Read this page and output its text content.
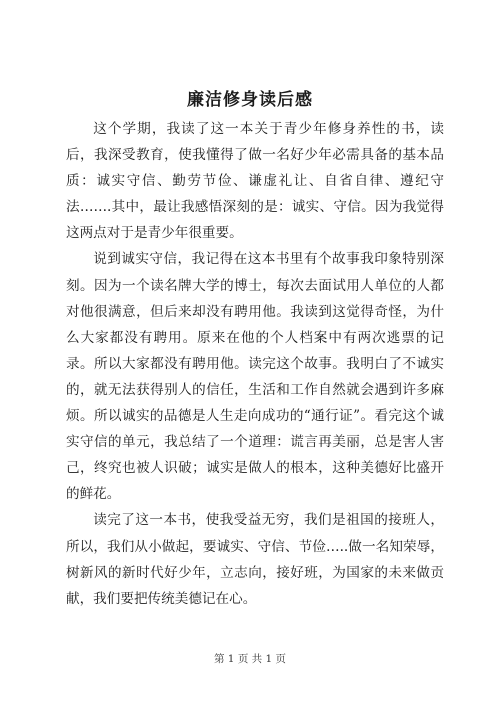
廉洁修身读后感

这个学期，我读了这一本关于青少年修身养性的书，读后，我深受教育，使我懂得了做一名好少年必需具备的基本品质：诚实守信、勤劳节俭、谦虚礼让、自省自律、遵纪守法…….其中，最让我感悟深刻的是：诚实、守信。因为我觉得这两点对于是青少年很重要。

说到诚实守信，我记得在这本书里有个故事我印象特别深刻。因为一个读名牌大学的博士，每次去面试用人单位的人都对他很满意，但后来却没有聘用他。我读到这觉得奇怪，为什么大家都没有聘用。原来在他的个人档案中有两次逃票的记录。所以大家都没有聘用他。读完这个故事。我明白了不诚实的，就无法获得别人的信任，生活和工作自然就会遇到许多麻烦。所以诚实的品德是人生走向成功的“通行证”。看完这个诚实守信的单元，我总结了一个道理：谎言再美丽，总是害人害己，终究也被人识破；诚实是做人的根本，这种美德好比盛开的鲜花。

读完了这一本书，使我受益无穷，我们是祖国的接班人，所以，我们从小做起，要诚实、守信、节俭…..做一名知荣辱，树新风的新时代好少年，立志向，接好班，为国家的未来做贡献，我们要把传统美德记在心。

第 1 页 共 1 页
